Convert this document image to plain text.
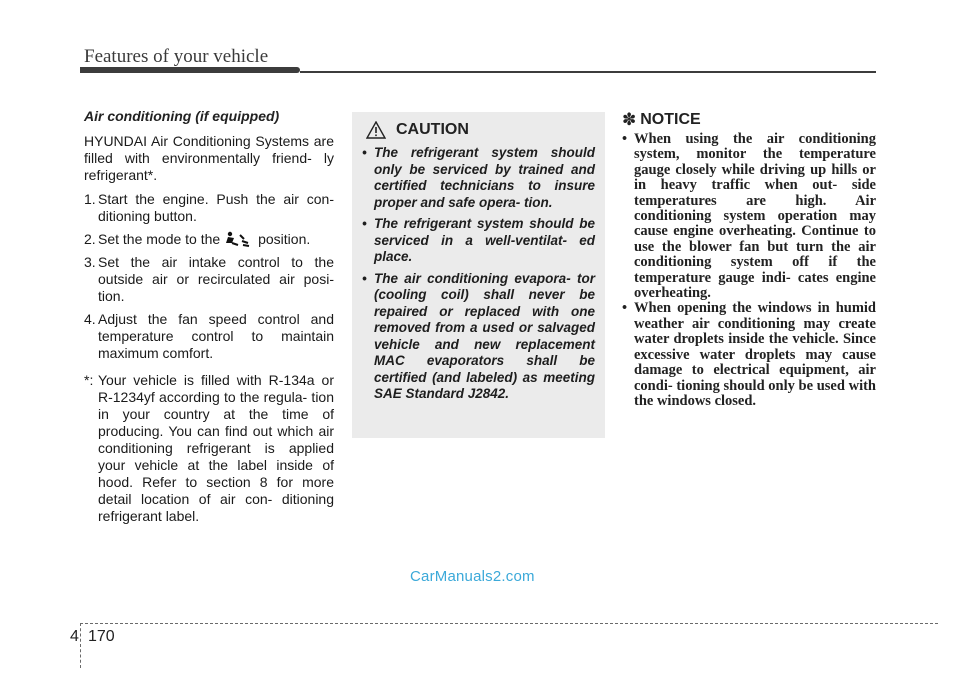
Features of your vehicle
Air conditioning (if equipped)
HYUNDAI Air Conditioning Systems are filled with environmentally friend- ly refrigerant*.
1. Start the engine. Push the air con- ditioning button.
2. Set the mode to the	position.
3. Set the air intake control to the outside air or recirculated air posi- tion.
4. Adjust the fan speed control and temperature control to maintain maximum comfort.
*: Your vehicle is filled with R-134a or R-1234yf according to the regula- tion in your country at the time of producing. You can find out which air conditioning refrigerant is applied your vehicle at the label inside of hood. Refer to section 8 for more detail location of air con- ditioning refrigerant label.
CAUTION
• The refrigerant system should only be serviced by trained and certified technicians to insure proper and safe opera- tion.
• The refrigerant system should be serviced in a well-ventilat- ed place.
• The air conditioning evapora- tor (cooling coil) shall never be repaired or replaced with one removed from a used or salvaged vehicle and new replacement MAC evaporators shall be certified (and labeled) as meeting SAE Standard J2842.
✽ NOTICE
• When using the air conditioning system, monitor the temperature gauge closely while driving up hills or in heavy traffic when out- side temperatures are high. Air conditioning system operation may cause engine overheating. Continue to use the blower fan but turn the air conditioning system off if the temperature gauge indi- cates engine overheating.
• When opening the windows in humid weather air conditioning may create water droplets inside the vehicle. Since excessive water droplets may cause damage to electrical equipment, air condi- tioning should only be used with the windows closed.
CarManuals2.com
4 170
